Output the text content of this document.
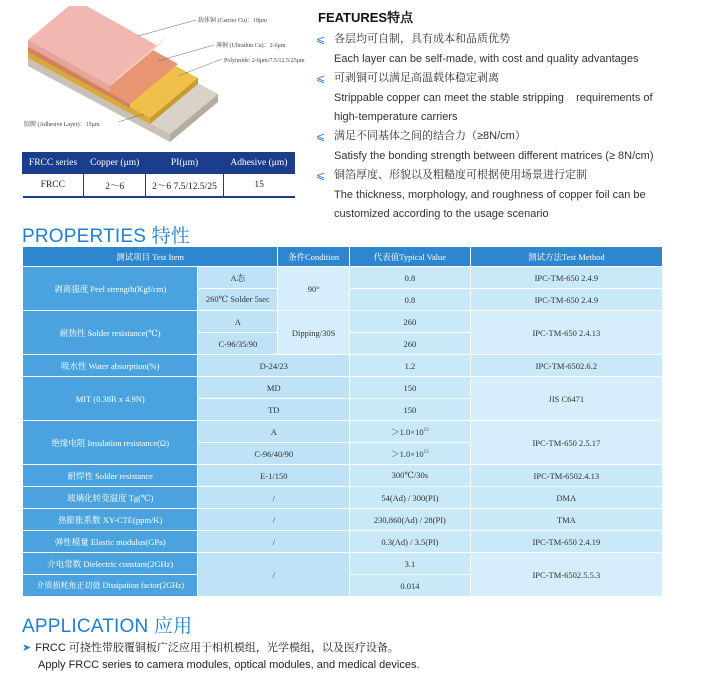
载体铜 (Carrier Cu)：18μm
薄铜 (Ultrathin Cu)：2-6μm
Polyimide: 2-6μm/7.5/12.5/25μm
胶膜 (Adhesive Layer)：15μm
FRCC series	Copper (μm)	PI(μm)	Adhesive (μm)
FRCC	2～6	2～6 7.5/12.5/25	15
FEATURES特点
⩽ 各层均可自制，具有成本和品质优势
Each layer can be self-made, with cost and quality advantages
⩽ 可剥铜可以满足高温载体稳定剥离
Strippable copper can meet the stable stripping    requirements of high-temperature carriers
⩽ 满足不同基体之间的结合力（≥8N/cm）
Satisfy the bonding strength between different matrices (≥ 8N/cm)
⩽ 铜箔厚度、形貌以及粗糙度可根据使用场景进行定制
The thickness, morphology, and roughness of copper foil can be customized according to the usage scenario
PROPERTIES 特性
测试项目 Test Item		条件Condition	代表值Typical Value	测试方法Test Method
剥离强度 Peel strength(Kgf/cm)	A态	90°	0.8	IPC-TM-650 2.4.9
	260℃ Solder 5sec		0.8	IPC-TM-650 2.4.9
耐热性 Solder resistance(℃)	A	Dipping/30S	260	IPC-TM-650 2.4.13
	C-96/35/90		260	
吸水性 Water absorption(%)	D-24/23		1.2	IPC-TM-6502.6.2
MIT (0.38R x 4.9N)	MD		150	JIS C6471
	TD		150	
绝缘电阻 Insulation resistance(Ω)	A		$>1.0\times 10^{13}$	IPC-TM-650 2.5.17
	C-96/40/90		$>1.0\times 10^{13}$
耐焊性 Solder resistance	E-1/150		300℃/30s	IPC-TM-6502.4.13
玻璃化转变温度 Tg(℃)	/		54(Ad) / 300(PI)	DMA
热膨胀系数 XY-CTE(ppm/K)	/		230,860(Ad) / 28(PI)	TMA
弹性模量 Elastic modulus(GPa)	/		0.3(Ad) / 3.5(PI)	IPC-TM-650 2.4.19
介电常数 Dielectric constant(2GHz)	/		3.1	IPC-TM-6502.5.5.3
介质损耗角正切值 Dissipation factor(2GHz)			0.014	
APPLICATION 应用
➤ FRCC 可挠性带胶覆铜板广泛应用于相机模组，光学模组，以及医疗设备。
Apply FRCC series to camera modules, optical modules, and medical devices.
